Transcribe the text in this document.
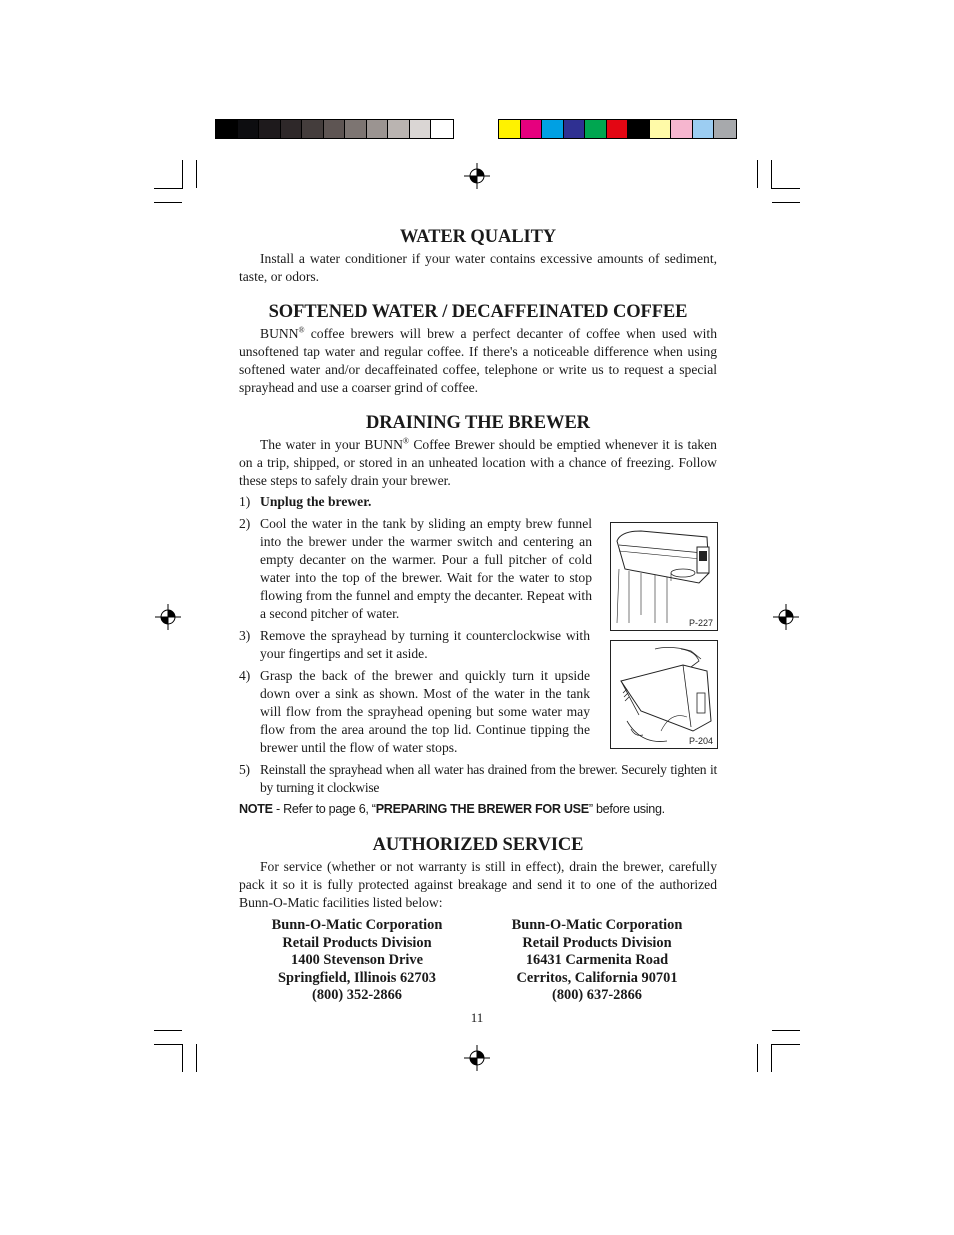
WATER QUALITY

Install a water conditioner if your water contains excessive amounts of sediment, taste, or odors.

SOFTENED WATER / DECAFFEINATED COFFEE

BUNN® coffee brewers will brew a perfect decanter of coffee when used with unsoftened tap water and regular coffee. If there's a noticeable difference when using softened water and/or decaffeinated coffee, telephone or write us to request a special sprayhead and use a coarser grind of coffee.

DRAINING THE BREWER

The water in your BUNN® Coffee Brewer should be emptied whenever it is taken on a trip, shipped, or stored in an unheated location with a chance of freezing. Follow these steps to safely drain your brewer.

1) Unplug the brewer.
2) Cool the water in the tank by sliding an empty brew funnel into the brewer under the warmer switch and centering an empty decanter on the warmer. Pour a full pitcher of cold water into the top of the brewer. Wait for the water to stop flowing from the funnel and empty the decanter. Repeat with a second pitcher of water.
3) Remove the sprayhead by turning it counterclockwise with your fingertips and set it aside.
4) Grasp the back of the brewer and quickly turn it upside down over a sink as shown. Most of the water in the tank will flow from the sprayhead opening but some water may flow from the area around the top lid. Continue tipping the brewer until the flow of water stops.
5) Reinstall the sprayhead when all water has drained from the brewer. Securely tighten it by turning it clockwise
NOTE - Refer to page 6, “PREPARING THE BREWER FOR USE” before using.
AUTHORIZED SERVICE

For service (whether or not warranty is still in effect), drain the brewer, carefully pack it so it is fully protected against breakage and send it to one of the authorized Bunn-O-Matic facilities listed below:

P-227
P-204
Bunn-O-Matic Corporation
Retail Products Division
1400 Stevenson Drive
Springfield, Illinois 62703
(800) 352-2866
Bunn-O-Matic Corporation
Retail Products Division
16431 Carmenita Road
Cerritos, California 90701
(800) 637-2866
11
